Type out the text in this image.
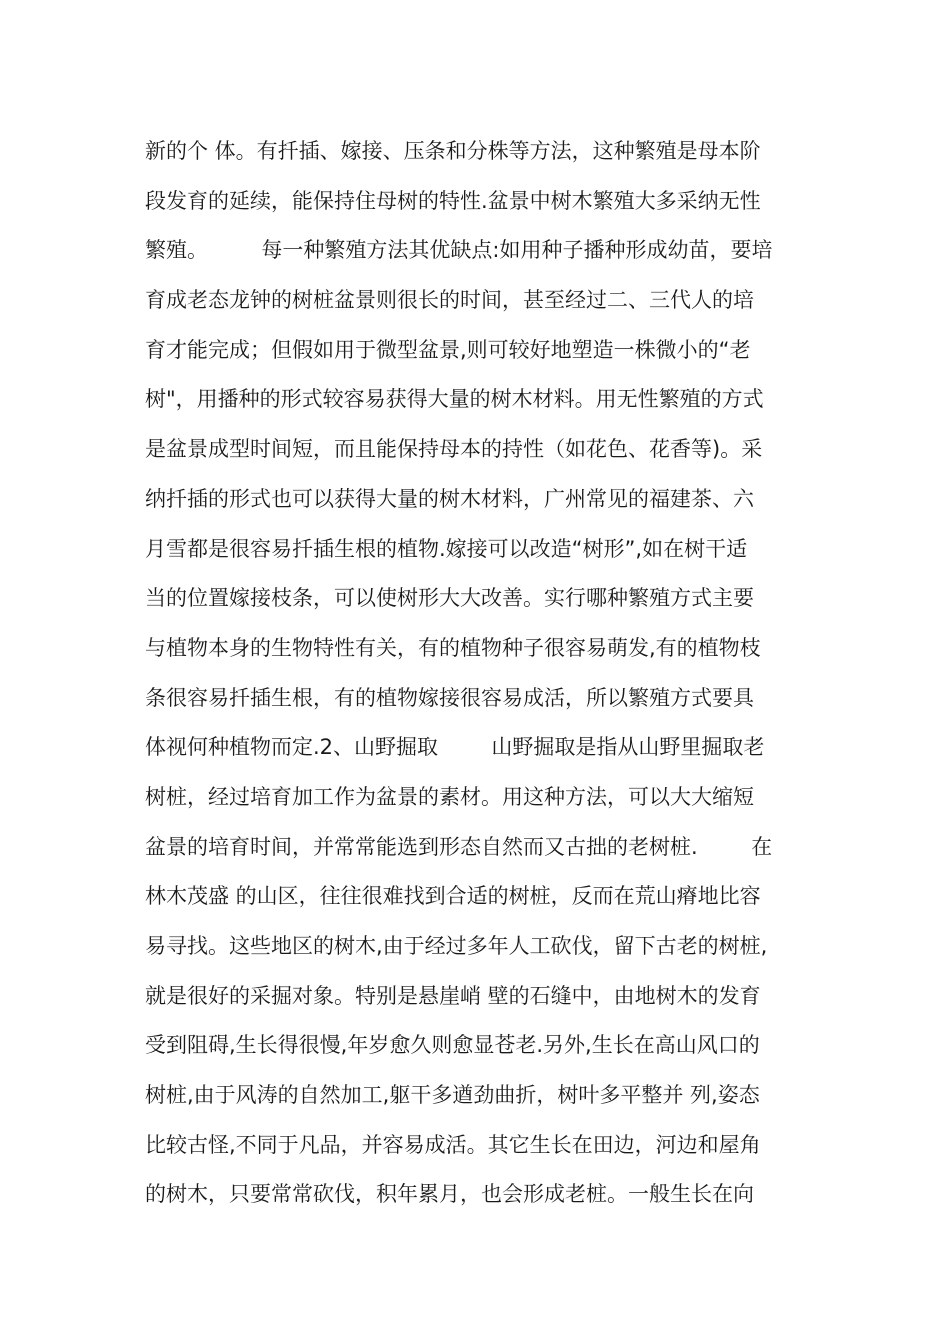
新的个 体。有扦插、嫁接、压条和分株等方法，这种繁殖是母本阶
段发育的延续，能保持住母树的特性.盆景中树木繁殖大多采纳无性
繁殖。        每一种繁殖方法其优缺点:如用种子播种形成幼苗，要培
育成老态龙钟的树桩盆景则很长的时间，甚至经过二、三代人的培
育才能完成；但假如用于微型盆景,则可较好地塑造一株微小的“老
树"，用播种的形式较容易获得大量的树木材料。用无性繁殖的方式
是盆景成型时间短，而且能保持母本的持性（如花色、花香等)。采
纳扦插的形式也可以获得大量的树木材料，广州常见的福建茶、六
月雪都是很容易扦插生根的植物.嫁接可以改造“树形”,如在树干适
当的位置嫁接枝条，可以使树形大大改善。实行哪种繁殖方式主要
与植物本身的生物特性有关，有的植物种子很容易萌发,有的植物枝
条很容易扦插生根，有的植物嫁接很容易成活，所以繁殖方式要具
体视何种植物而定.2、山野掘取        山野掘取是指从山野里掘取老
树桩，经过培育加工作为盆景的素材。用这种方法，可以大大缩短
盆景的培育时间，并常常能选到形态自然而又古拙的老树桩.        在
林木茂盛 的山区，往往很难找到合适的树桩，反而在荒山瘠地比容
易寻找。这些地区的树木,由于经过多年人工砍伐，留下古老的树桩,
就是很好的采掘对象。特别是悬崖峭 壁的石缝中，由地树木的发育
受到阻碍,生长得很慢,年岁愈久则愈显苍老.另外,生长在高山风口的
树桩,由于风涛的自然加工,躯干多遒劲曲折，树叶多平整并 列,姿态
比较古怪,不同于凡品，并容易成活。其它生长在田边，河边和屋角
的树木，只要常常砍伐，积年累月，也会形成老桩。一般生长在向
